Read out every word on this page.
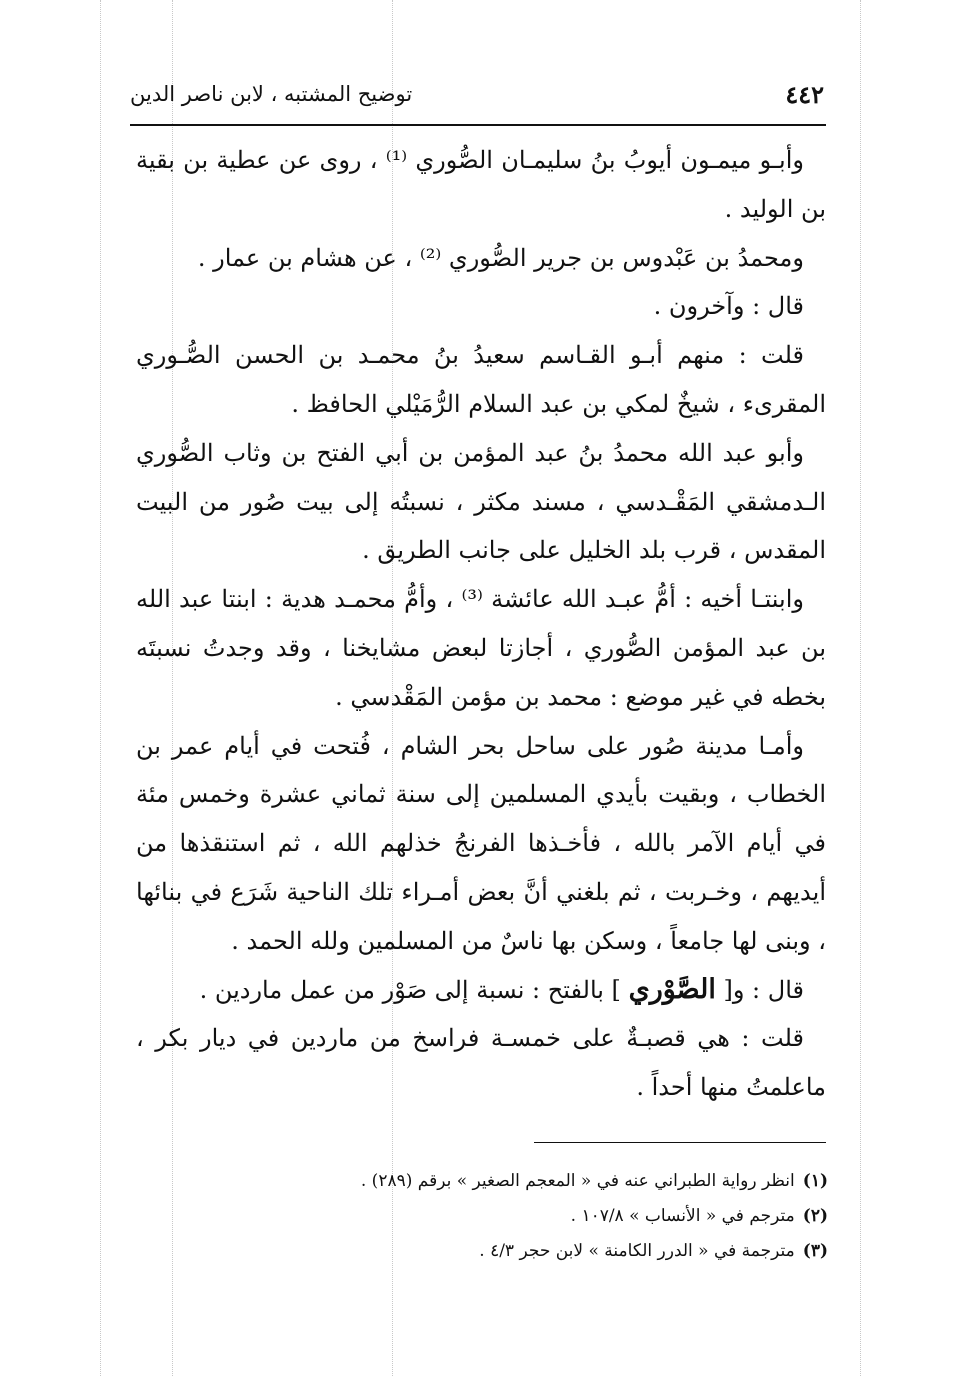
٤٤٢
توضيح المشتبه ، لابن ناصر الدين

وأبـو ميمـون أيوبُ بنُ سليمـان الصُّوري ⁽¹⁾ ، روى عن عطية بن بقية بن الوليد .

ومحمدُ بن عَبْدوس بن جرير الصُّوري ⁽²⁾ ، عن هشام بن عمار .

قال : وآخرون .

قلت : منهم أبـو القـاسم سعيدُ بنُ محمـد بن الحسن الصُّـوري المقرىء ، شيخٌ لمكي بن عبد السلام الرُّمَيْلي الحافظ .

وأبو عبد الله محمدُ بنُ عبد المؤمن بن أبي الفتح بن وثاب الصُّوري الـدمشقي المَقْـدسي ، مسند مكثر ، نسبتُه إلى بيت صُور من البيت المقدس ، قرب بلد الخليل على جانب الطريق .

وابنتـا أخيه : أمُّ عبـد الله عائشة ⁽³⁾ ، وأمُّ محمـد هدية : ابنتا عبد الله بن عبد المؤمن الصُّوري ، أجازتا لبعض مشايخنا ، وقد وجدتُ نسبتَه بخطه في غير موضع : محمد بن مؤمن المَقْدسي .

وأمـا مدينة صُور على ساحل بحر الشام ، فُتحت في أيام عمر بن الخطاب ، وبقيت بأيدي المسلمين إلى سنة ثماني عشرة وخمس مئة في أيام الآمر بالله ، فأخـذها الفرنجُ خذلهم الله ، ثم استنقذها من أيديهم ، وخـربت ، ثم بلغني أنَّ بعض أمـراء تلك الناحية شَرَع في بنائها ، وبنى لها جامعاً ، وسكن بها ناسٌ من المسلمين ولله الحمد .

قال : و[ الصَّوْري ] بالفتح : نسبة إلى صَوْر من عمل ماردين .

قلت : هي قصبـةٌ على خمسـة فراسخ من ماردين في ديار بكر ، ماعلمتُ منها أحداً .

(١)انظر رواية الطبراني عنه في « المعجم الصغير » برقم (٢٨٩) .
(٢)مترجم في « الأنساب » ١٠٧/٨ .
(٣)مترجمة في « الدرر الكامنة » لابن حجر ٤/٣ .
